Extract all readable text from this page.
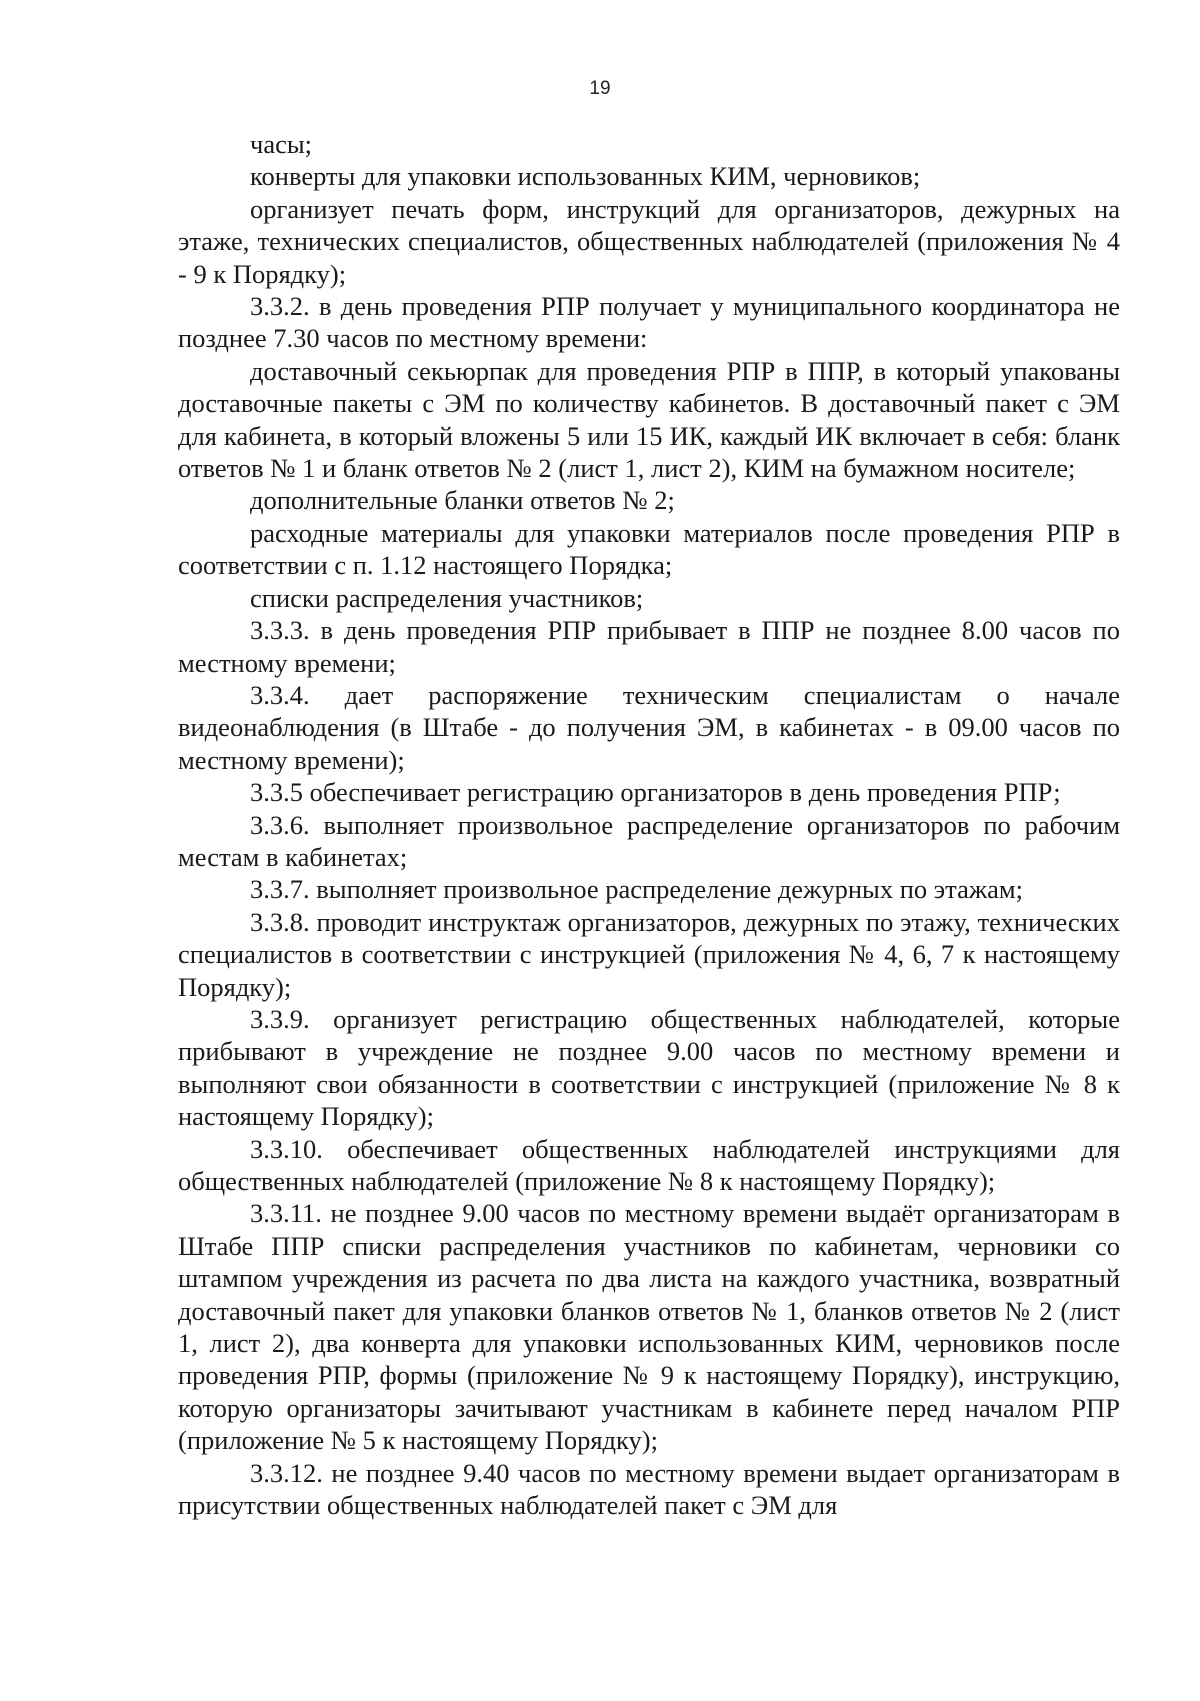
19

часы;

конверты для упаковки использованных КИМ, черновиков;

организует печать форм, инструкций для организаторов, дежурных на этаже, технических специалистов, общественных наблюдателей (приложения № 4 - 9 к Порядку);

3.3.2. в день проведения РПР получает у муниципального координатора не позднее 7.30 часов по местному времени:

доставочный секьюрпак для проведения РПР в ППР, в который упакованы доставочные пакеты с ЭМ по количеству кабинетов. В доставочный пакет с ЭМ для кабинета, в который вложены 5 или 15 ИК, каждый ИК включает в себя: бланк ответов № 1 и бланк ответов № 2 (лист 1, лист 2), КИМ на бумажном носителе;

дополнительные бланки ответов № 2;

расходные материалы для упаковки материалов после проведения РПР в соответствии с п. 1.12 настоящего Порядка;

списки распределения участников;

3.3.3. в день проведения РПР прибывает в ППР не позднее 8.00 часов по местному времени;

3.3.4. дает распоряжение техническим специалистам о начале видеонаблюдения (в Штабе - до получения ЭМ, в кабинетах - в 09.00 часов по местному времени);

3.3.5 обеспечивает регистрацию организаторов в день проведения РПР;

3.3.6. выполняет произвольное распределение организаторов по рабочим местам в кабинетах;

3.3.7. выполняет произвольное распределение дежурных по этажам;

3.3.8. проводит инструктаж организаторов, дежурных по этажу, технических специалистов в соответствии с инструкцией (приложения № 4, 6, 7 к настоящему Порядку);

3.3.9. организует регистрацию общественных наблюдателей, которые прибывают в учреждение не позднее 9.00 часов по местному времени и выполняют свои обязанности в соответствии с инструкцией (приложение № 8 к настоящему Порядку);

3.3.10. обеспечивает общественных наблюдателей инструкциями для общественных наблюдателей (приложение № 8 к настоящему Порядку);

3.3.11. не позднее 9.00 часов по местному времени выдаёт организаторам в Штабе ППР списки распределения участников по кабинетам, черновики со штампом учреждения из расчета по два листа на каждого участника, возвратный доставочный пакет для упаковки бланков ответов № 1, бланков ответов № 2 (лист 1, лист 2), два конверта для упаковки использованных КИМ, черновиков после проведения РПР, формы (приложение № 9 к настоящему Порядку), инструкцию, которую организаторы зачитывают участникам в кабинете перед началом РПР (приложение № 5 к настоящему Порядку);

3.3.12. не позднее 9.40 часов по местному времени выдает организаторам в присутствии общественных наблюдателей пакет с ЭМ для
